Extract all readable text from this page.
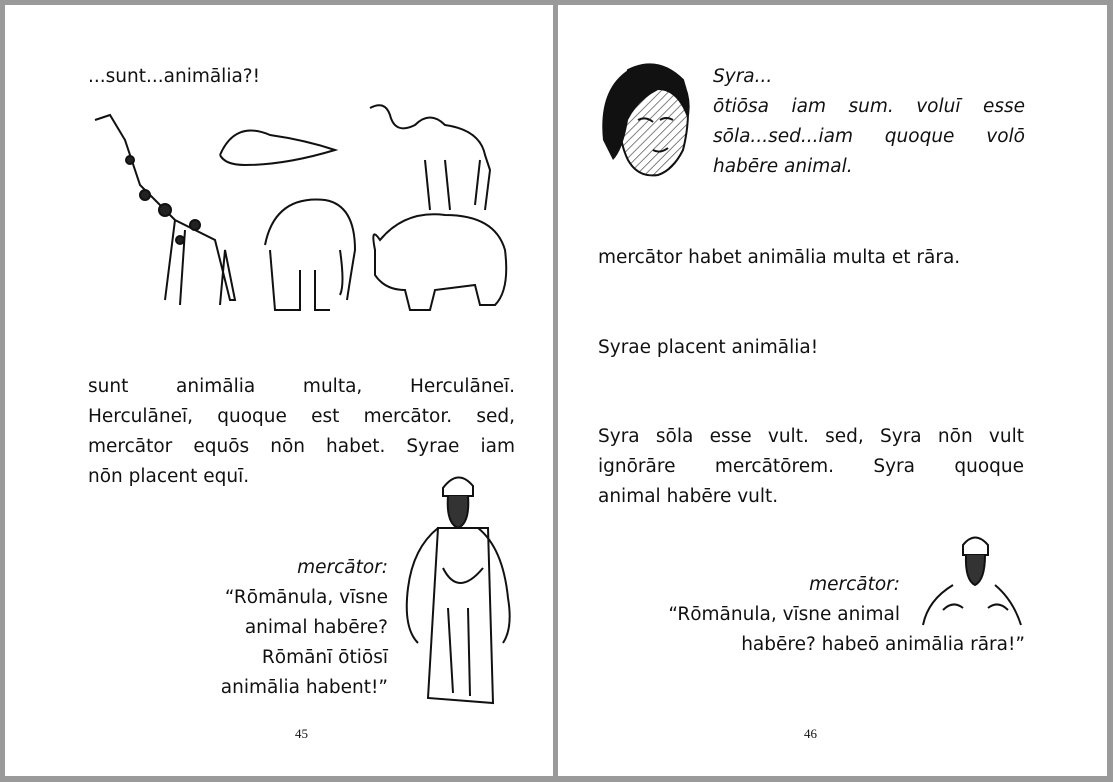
...sunt...animālia?!
sunt animālia multa, Herculāneī.
Herculāneī, quoque est mercātor. sed,
mercātor equōs nōn habet. Syrae iam
nōn placent equī.
mercātor:
“Rōmānula, vīsne
animal habēre?
Rōmānī ōtiōsī
animālia habent!”
45
Syra...
ōtiōsa iam sum. voluī esse
sōla...sed...iam quoque volō
habēre animal.
mercātor habet animālia multa et rāra.
Syrae placent animālia!
Syra sōla esse vult. sed, Syra nōn vult
ignōrāre mercātōrem. Syra quoque
animal habēre vult.
mercātor:
“Rōmānula, vīsne animal
habēre? habeō animālia rāra!”
46
